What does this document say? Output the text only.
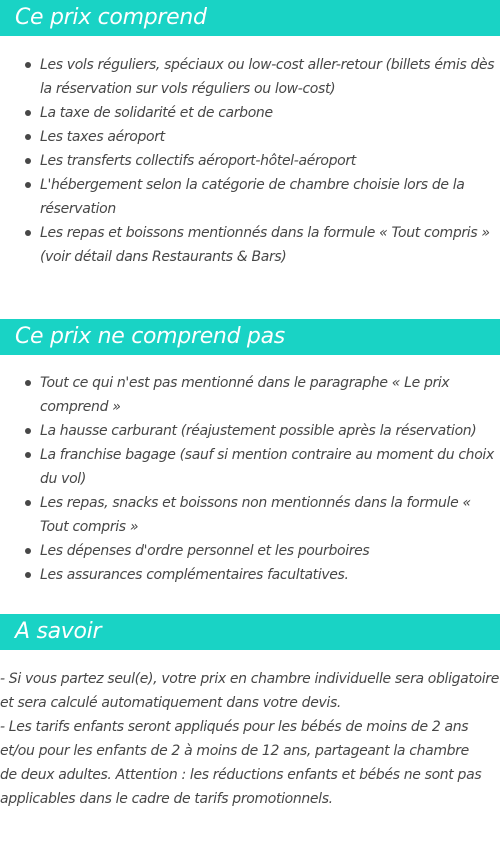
Ce prix comprend
Les vols réguliers, spéciaux ou low-cost aller-retour (billets émis dès la réservation sur vols réguliers ou low-cost)
La taxe de solidarité et de carbone
Les taxes aéroport
Les transferts collectifs aéroport-hôtel-aéroport
L'hébergement selon la catégorie de chambre choisie lors de la réservation
Les repas et boissons mentionnés dans la formule « Tout compris » (voir détail dans Restaurants & Bars)
Ce prix ne comprend pas
Tout ce qui n'est pas mentionné dans le paragraphe « Le prix comprend »
La hausse carburant (réajustement possible après la réservation)
La franchise bagage (sauf si mention contraire au moment du choix du vol)
Les repas, snacks et boissons non mentionnés dans la formule « Tout compris »
Les dépenses d'ordre personnel et les pourboires
Les assurances complémentaires facultatives.
A savoir

- Si vous partez seul(e), votre prix en chambre individuelle sera obligatoire et sera calculé automatiquement dans votre devis.

- Les tarifs enfants seront appliqués pour les bébés de moins de 2 ans et/ou pour les enfants de 2 à moins de 12 ans, partageant la chambre

de deux adultes. Attention : les réductions enfants et bébés ne sont pas applicables dans le cadre de tarifs promotionnels.
